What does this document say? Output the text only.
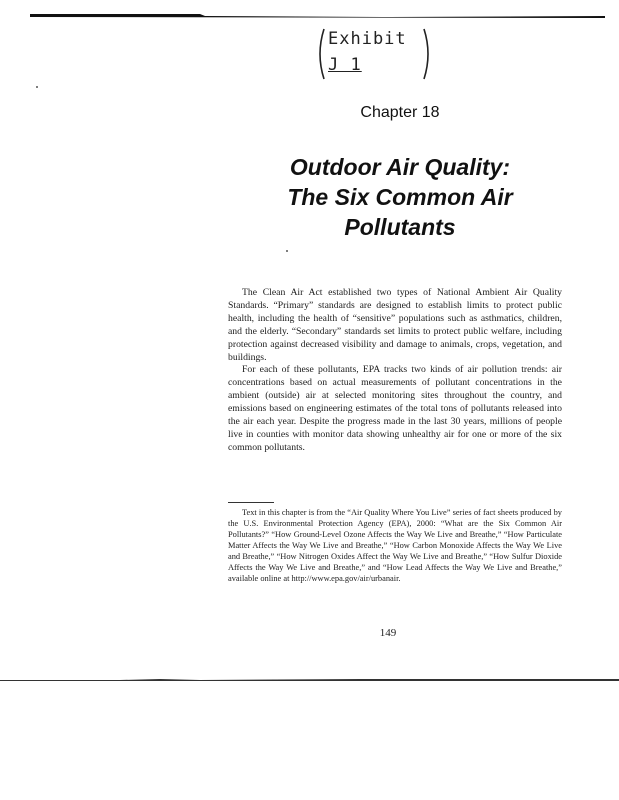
Exhibit
J 1
Chapter 18
Outdoor Air Quality:
The Six Common Air
Pollutants

The Clean Air Act established two types of National Ambient Air Quality Standards. “Primary” standards are designed to establish limits to protect public health, including the health of “sensitive” populations such as asthmatics, children, and the elderly. “Secondary” standards set limits to protect public welfare, including protection against decreased visibility and damage to animals, crops, vegetation, and buildings.

For each of these pollutants, EPA tracks two kinds of air pollution trends: air concentrations based on actual measurements of pollutant concentrations in the ambient (outside) air at selected monitoring sites throughout the country, and emissions based on engineering estimates of the total tons of pollutants released into the air each year. Despite the progress made in the last 30 years, millions of people live in counties with monitor data showing unhealthy air for one or more of the six common pollutants.

Text in this chapter is from the “Air Quality Where You Live” series of fact sheets produced by the U.S. Environmental Protection Agency (EPA), 2000: “What are the Six Common Air Pollutants?” “How Ground-Level Ozone Affects the Way We Live and Breathe,” “How Particulate Matter Affects the Way We Live and Breathe,” “How Carbon Monoxide Affects the Way We Live and Breathe,” “How Nitrogen Oxides Affect the Way We Live and Breathe,” “How Sulfur Dioxide Affects the Way We Live and Breathe,” and “How Lead Affects the Way We Live and Breathe,” available online at http://www.epa.gov/air/urbanair.
149
